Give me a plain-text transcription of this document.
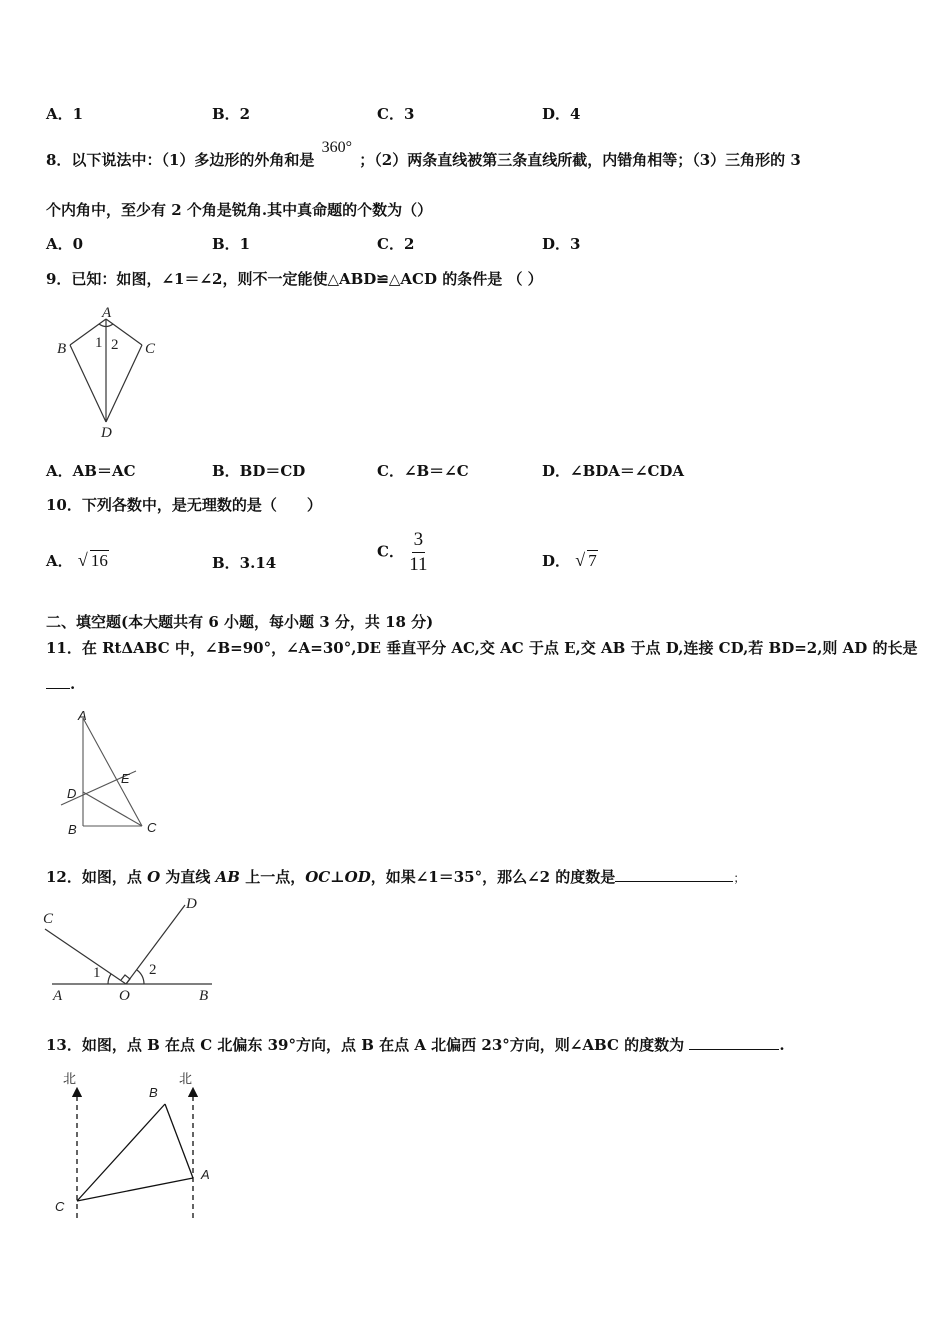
A．1	B．2	C．3	D．4
8．以下说法中：（1）多边形的外角和是 360° ；（2）两条直线被第三条直线所截，内错角相等；（3）三角形的 3
个内角中，至少有 2 个角是锐角.其中真命题的个数为（）
A．0	B．1	C．2	D．3
9．已知：如图，∠1＝∠2，则不一定能使△ABD≌△ACD 的条件是 （ ）
A
B	C
D
1 2
A．AB＝AC	B．BD＝CD	C．∠B＝∠C	D．∠BDA＝∠CDA
10．下列各数中，是无理数的是（　　）
A． √ 16	B．3.14
C． $\frac{3}{11}$	D． √ 7
二、填空题(本大题共有 6 小题，每小题 3 分，共 18 分)
11．在 RtΔABC 中，∠B=90°，∠A=30°,DE 垂直平分 AC,交 AC 于点 E,交 AB 于点 D,连接 CD,若 BD=2,则 AD 的长是
.
A
D
E
B	C
12．如图，点 O 为直线 AB 上一点，OC⊥OD，如果∠1＝35°，那么∠2 的度数是	；
C
D
A	O	B
1	2
13．如图，点 B 在点 C 北偏东 39°方向，点 B 在点 A 北偏西 23°方向，则∠ABC 的度数为	.
北	北
B
A
C
